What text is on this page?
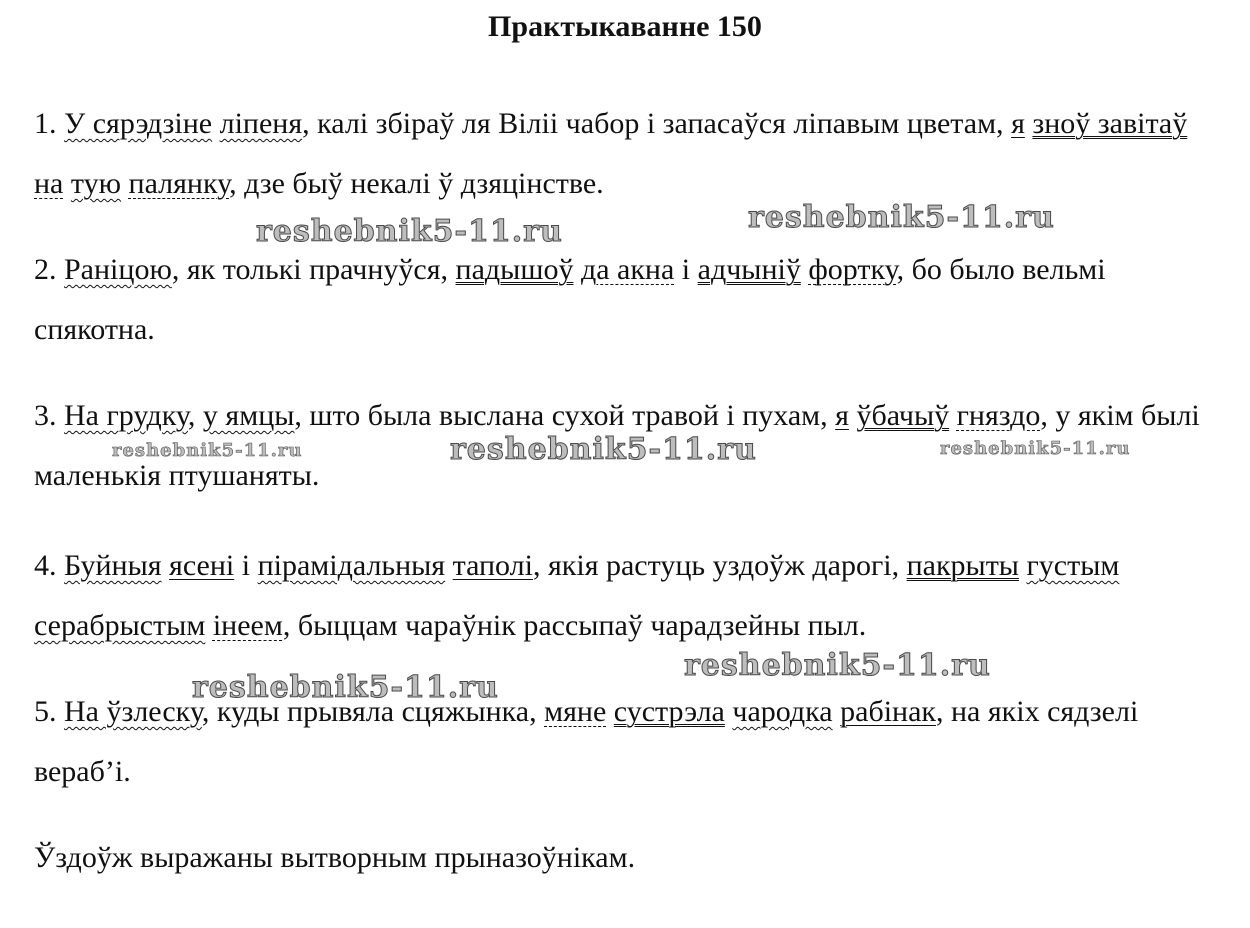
Практыкаванне 150

1. У сярэдзіне ліпеня, калі збіраў ля Віліі чабор і запасаўся ліпавым цветам, я зноў завітаў на тую палянку, дзе быў некалі ў дзяцінстве.

2. Раніцою, як толькі прачнуўся, падышоў да акна і адчыніў фортку, бо было вельмі спякотна.

3. На грудку, у ямцы, што была выслана сухой травой і пухам, я ўбачыў гняздо, у якім былі маленькія птушаняты.

4. Буйныя ясені і пірамідальныя таполі, якія растуць уздоўж дарогі, пакрыты густым серабрыстым інеем, быццам чараўнік рассыпаў чарадзейны пыл.

5. На ўзлеску, куды прывяла сцяжынка, мяне сустрэла чародка рабінак, на якіх сядзелі вераб’і.

Ўздоўж выражаны вытворным прыназоўнікам.

reshebnik5-11.ru	reshebnik5-11.ru
reshebnik5-11.ru	reshebnik5-11.ru	reshebnik5-11.ru
reshebnik5-11.ru
reshebnik5-11.ru
